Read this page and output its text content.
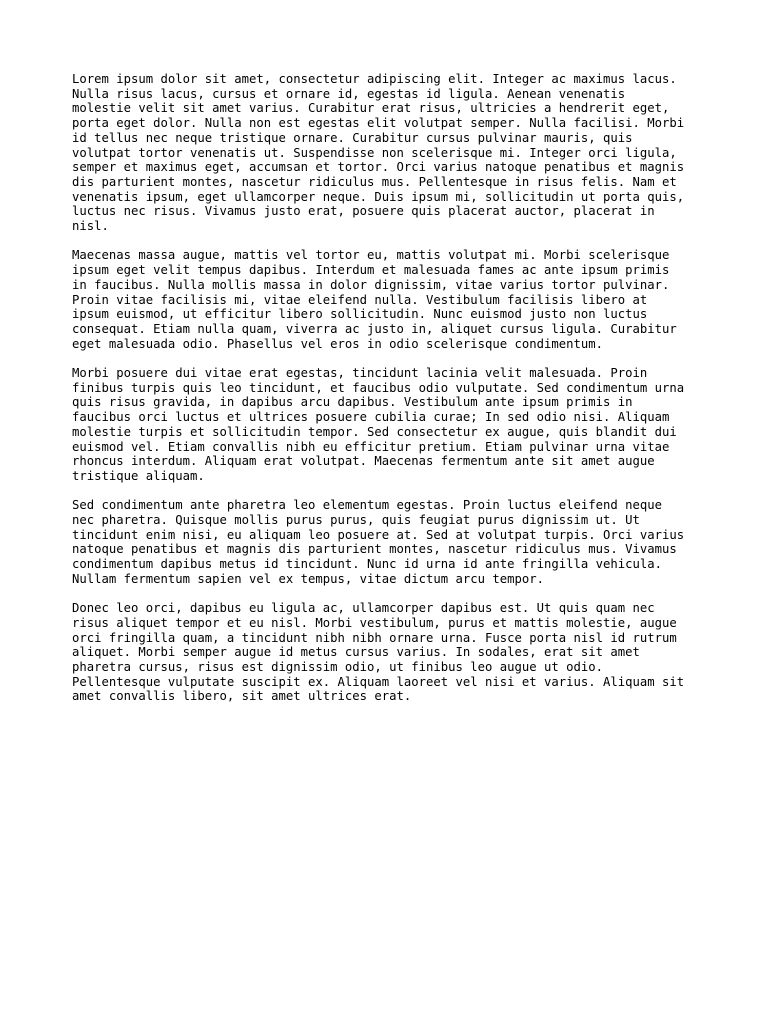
Lorem ipsum dolor sit amet, consectetur adipiscing elit. Integer ac maximus lacus.
Nulla risus lacus, cursus et ornare id, egestas id ligula. Aenean venenatis
molestie velit sit amet varius. Curabitur erat risus, ultricies a hendrerit eget,
porta eget dolor. Nulla non est egestas elit volutpat semper. Nulla facilisi. Morbi
id tellus nec neque tristique ornare. Curabitur cursus pulvinar mauris, quis
volutpat tortor venenatis ut. Suspendisse non scelerisque mi. Integer orci ligula,
semper et maximus eget, accumsan et tortor. Orci varius natoque penatibus et magnis
dis parturient montes, nascetur ridiculus mus. Pellentesque in risus felis. Nam et
venenatis ipsum, eget ullamcorper neque. Duis ipsum mi, sollicitudin ut porta quis,
luctus nec risus. Vivamus justo erat, posuere quis placerat auctor, placerat in
nisl.

Maecenas massa augue, mattis vel tortor eu, mattis volutpat mi. Morbi scelerisque
ipsum eget velit tempus dapibus. Interdum et malesuada fames ac ante ipsum primis
in faucibus. Nulla mollis massa in dolor dignissim, vitae varius tortor pulvinar.
Proin vitae facilisis mi, vitae eleifend nulla. Vestibulum facilisis libero at
ipsum euismod, ut efficitur libero sollicitudin. Nunc euismod justo non luctus
consequat. Etiam nulla quam, viverra ac justo in, aliquet cursus ligula. Curabitur
eget malesuada odio. Phasellus vel eros in odio scelerisque condimentum.

Morbi posuere dui vitae erat egestas, tincidunt lacinia velit malesuada. Proin
finibus turpis quis leo tincidunt, et faucibus odio vulputate. Sed condimentum urna
quis risus gravida, in dapibus arcu dapibus. Vestibulum ante ipsum primis in
faucibus orci luctus et ultrices posuere cubilia curae; In sed odio nisi. Aliquam
molestie turpis et sollicitudin tempor. Sed consectetur ex augue, quis blandit dui
euismod vel. Etiam convallis nibh eu efficitur pretium. Etiam pulvinar urna vitae
rhoncus interdum. Aliquam erat volutpat. Maecenas fermentum ante sit amet augue
tristique aliquam.

Sed condimentum ante pharetra leo elementum egestas. Proin luctus eleifend neque
nec pharetra. Quisque mollis purus purus, quis feugiat purus dignissim ut. Ut
tincidunt enim nisi, eu aliquam leo posuere at. Sed at volutpat turpis. Orci varius
natoque penatibus et magnis dis parturient montes, nascetur ridiculus mus. Vivamus
condimentum dapibus metus id tincidunt. Nunc id urna id ante fringilla vehicula.
Nullam fermentum sapien vel ex tempus, vitae dictum arcu tempor.

Donec leo orci, dapibus eu ligula ac, ullamcorper dapibus est. Ut quis quam nec
risus aliquet tempor et eu nisl. Morbi vestibulum, purus et mattis molestie, augue
orci fringilla quam, a tincidunt nibh nibh ornare urna. Fusce porta nisl id rutrum
aliquet. Morbi semper augue id metus cursus varius. In sodales, erat sit amet
pharetra cursus, risus est dignissim odio, ut finibus leo augue ut odio.
Pellentesque vulputate suscipit ex. Aliquam laoreet vel nisi et varius. Aliquam sit
amet convallis libero, sit amet ultrices erat.
